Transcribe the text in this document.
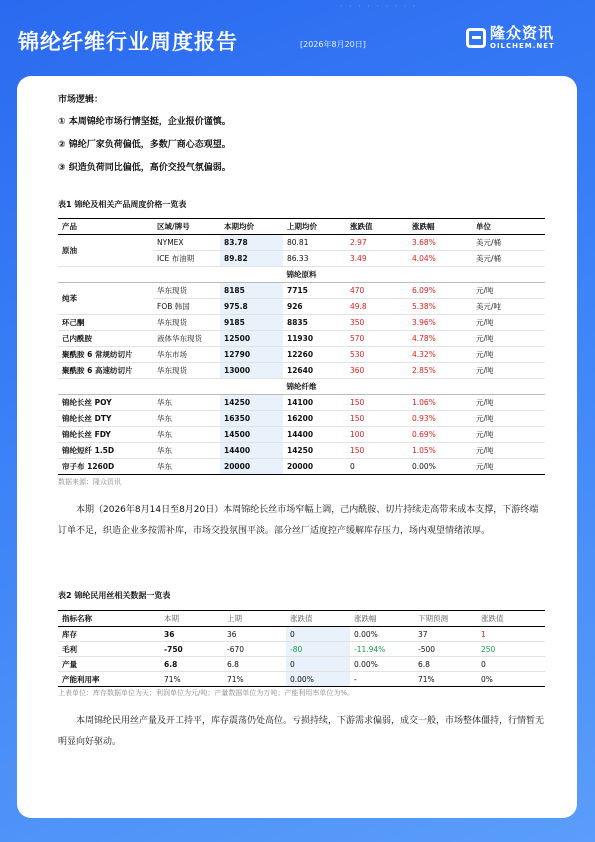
· · · · · · · · ·
锦纶纤维行业周度报告	[2026年8月20日]
隆众资讯
OILCHEM.NET
市场逻辑：
① 本周锦纶市场行情坚挺，企业报价谨慎。
② 锦纶厂家负荷偏低，多数厂商心态观望。
③ 织造负荷同比偏低，高价交投气氛偏弱。
表1 锦纶及相关产品周度价格一览表
产品	区域/牌号	本期均价	上期均价	涨跌值	涨跌幅	单位
原油	NYMEX	83.78	80.81	2.97	3.68%	美元/桶
	ICE 布油期	89.82	86.33	3.49	4.04%	美元/桶
锦纶原料						
纯苯	华东现货	8185	7715	470	6.09%	元/吨
	FOB 韩国	975.8	926	49.8	5.38%	美元/吨
环己酮	华东现货	9185	8835	350	3.96%	元/吨
己内酰胺	液体华东现货	12500	11930	570	4.78%	元/吨
聚酰胺 6 常规纺切片	华东市场	12790	12260	530	4.32%	元/吨
聚酰胺 6 高速纺切片	华东现货	13000	12640	360	2.85%	元/吨
锦纶纤维						
锦纶长丝 POY	华东	14250	14100	150	1.06%	元/吨
锦纶长丝 DTY	华东	16350	16200	150	0.93%	元/吨
锦纶长丝 FDY	华东	14500	14400	100	0.69%	元/吨
锦纶短纤 1.5D	华东	14400	14250	150	1.05%	元/吨
帘子布 1260D	华东	20000	20000	0	0.00%	元/吨
数据来源：隆众资讯
本期（2026年8月14日至8月20日）本周锦纶长丝市场窄幅上调，己内酰胺、切片持续走高带来成本支撑，下游终端订单不足，织造企业多按需补库，市场交投氛围平淡。部分丝厂适度控产缓解库存压力，场内观望情绪浓厚。
表2 锦纶民用丝相关数据一览表
指标名称	本期	上期	涨跌值	涨跌幅	下期预测	涨跌值
库存	36	36	0	0.00%	37	1
毛利	-750	-670	-80	-11.94%	-500	250
产量	6.8	6.8	0	0.00%	6.8	0
产能利用率	71%	71%	0.00%	-	71%	0%
上表单位：库存数据单位为天；利润单位为元/吨；产量数据单位为万吨；产能利用率单位为%。
本周锦纶民用丝产量及开工持平，库存震荡仍处高位。亏损持续，下游需求偏弱，成交一般，市场整体僵持，行情暂无明显向好驱动。
